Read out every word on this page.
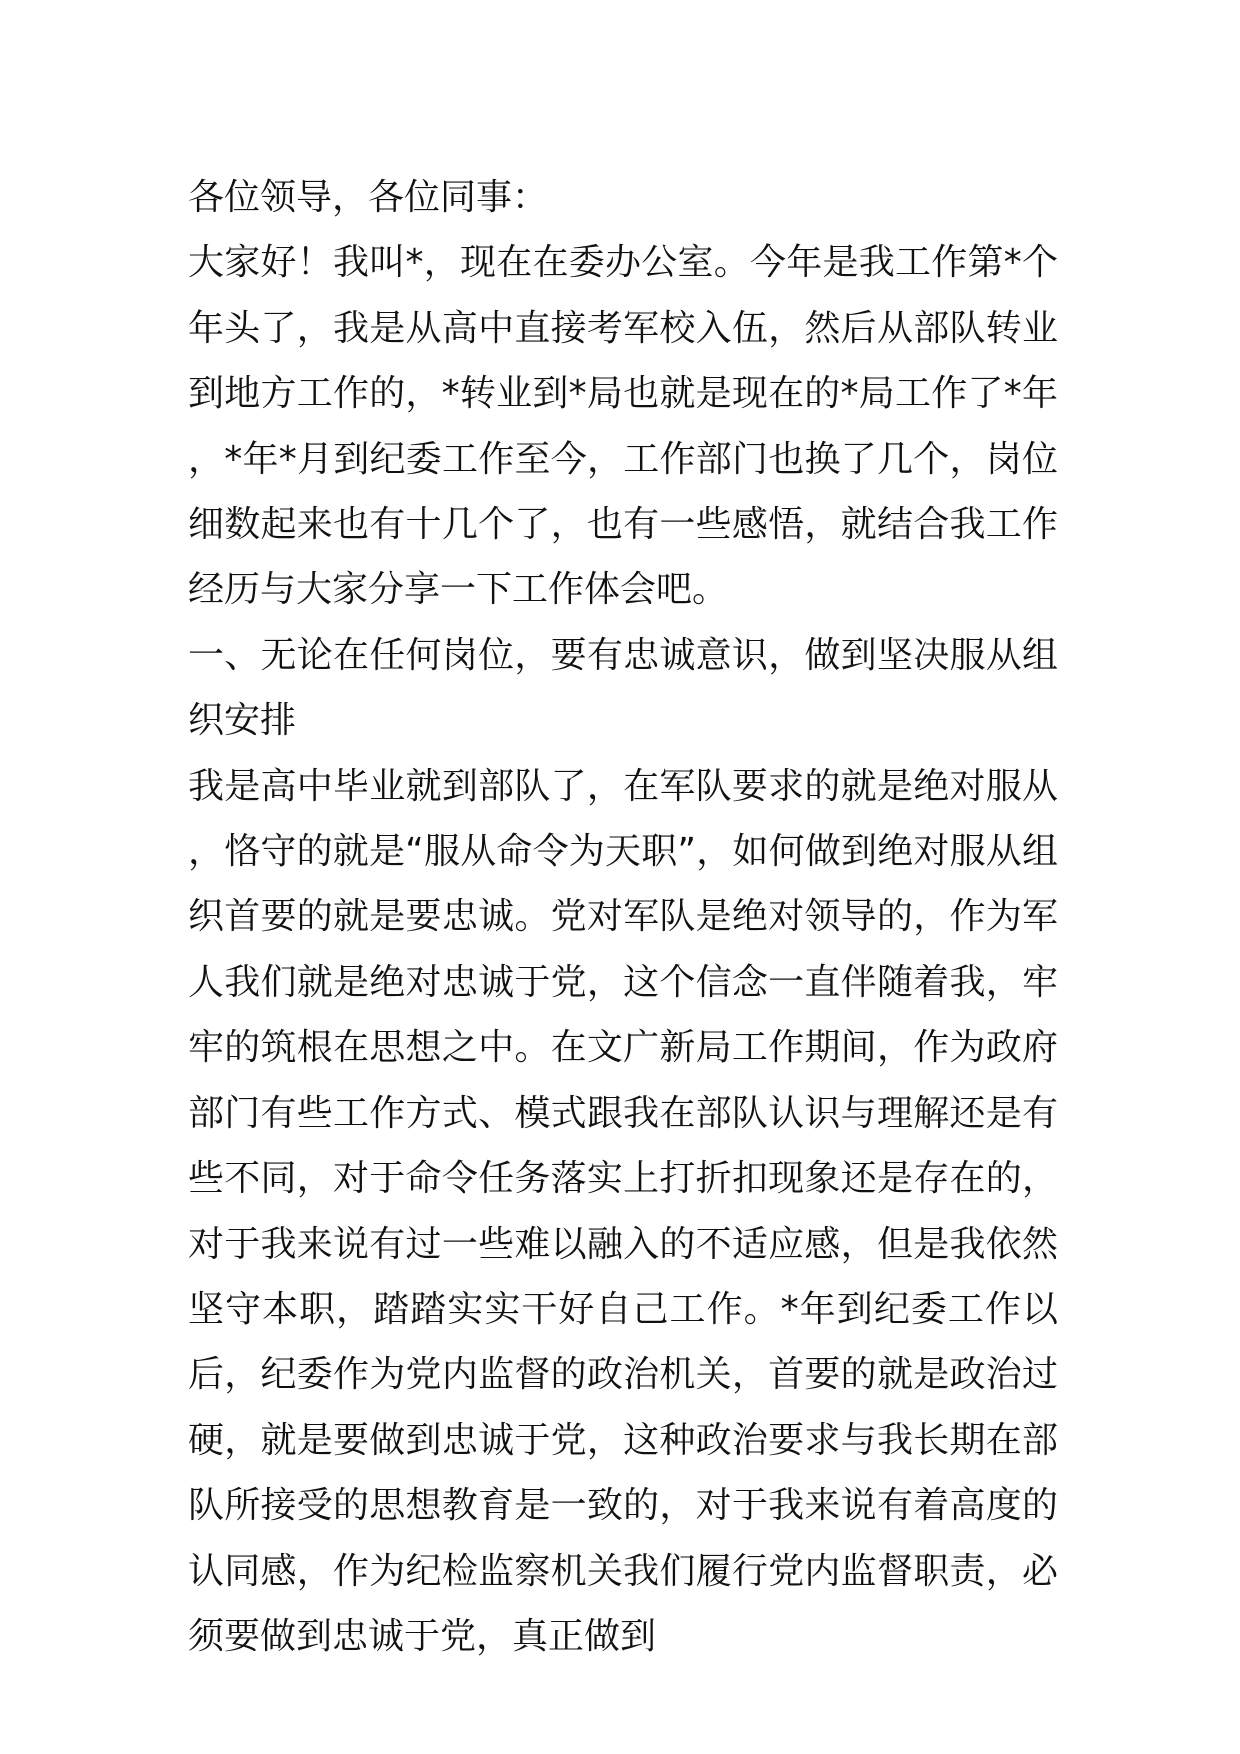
各位领导，各位同事：

大家好！我叫*，现在在委办公室。今年是我工作第*个年头了，我是从高中直接考军校入伍，然后从部队转业到地方工作的，*转业到*局也就是现在的*局工作了*年，*年*月到纪委工作至今，工作部门也换了几个，岗位细数起来也有十几个了，也有一些感悟，就结合我工作经历与大家分享一下工作体会吧。

一、无论在任何岗位，要有忠诚意识，做到坚决服从组织安排

我是高中毕业就到部队了，在军队要求的就是绝对服从，恪守的就是“服从命令为天职”，如何做到绝对服从组织首要的就是要忠诚。党对军队是绝对领导的，作为军人我们就是绝对忠诚于党，这个信念一直伴随着我，牢牢的筑根在思想之中。在文广新局工作期间，作为政府部门有些工作方式、模式跟我在部队认识与理解还是有些不同，对于命令任务落实上打折扣现象还是存在的，对于我来说有过一些难以融入的不适应感，但是我依然坚守本职，踏踏实实干好自己工作。*年到纪委工作以后，纪委作为党内监督的政治机关，首要的就是政治过硬，就是要做到忠诚于党，这种政治要求与我长期在部队所接受的思想教育是一致的，对于我来说有着高度的认同感，作为纪检监察机关我们履行党内监督职责，必须要做到忠诚于党，真正做到
